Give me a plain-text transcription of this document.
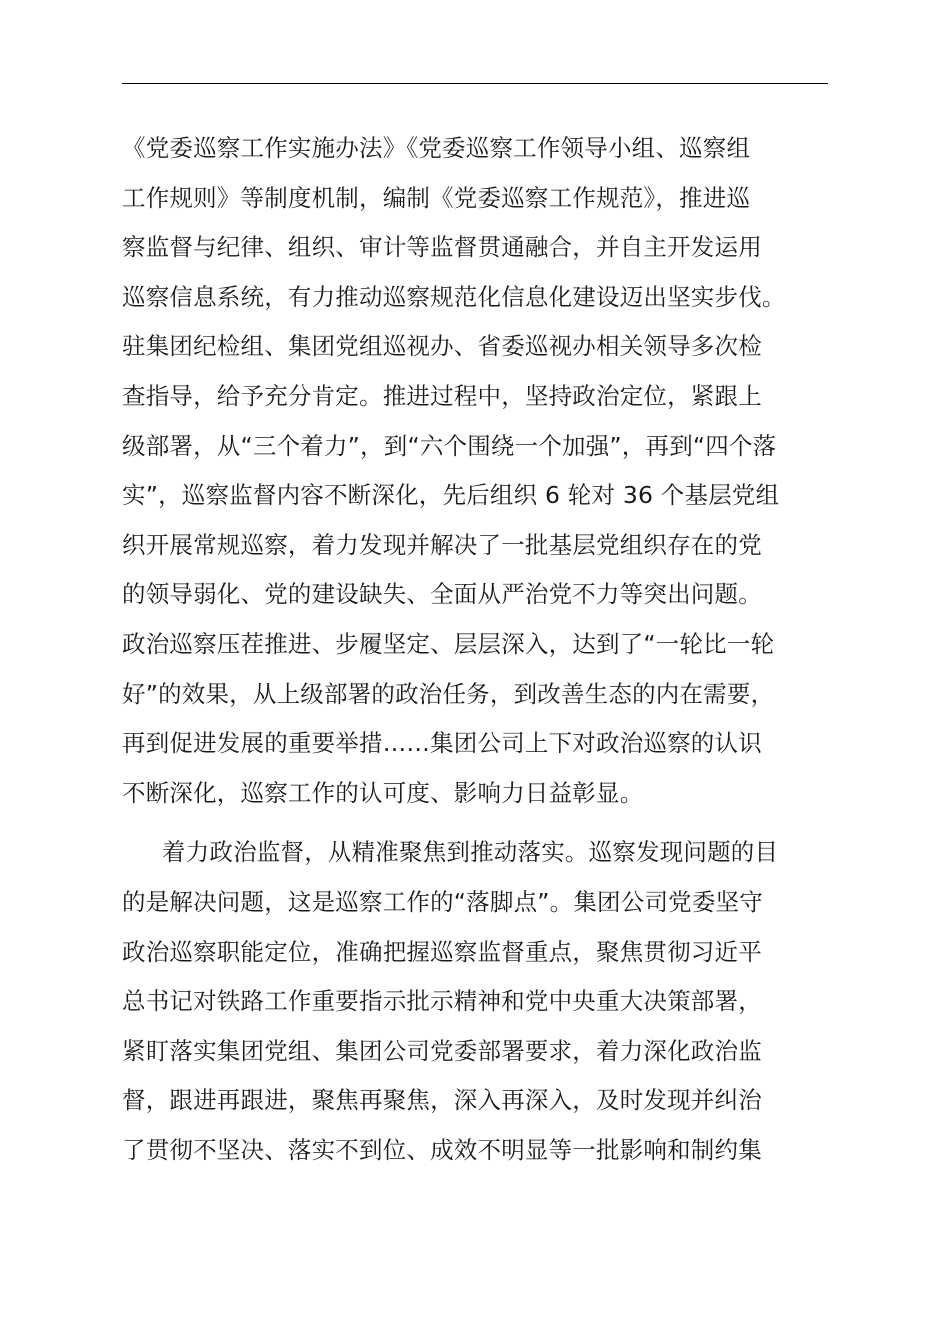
《党委巡察工作实施办法》《党委巡察工作领导小组、巡察组
工作规则》等制度机制，编制《党委巡察工作规范》，推进巡
察监督与纪律、组织、审计等监督贯通融合，并自主开发运用
巡察信息系统，有力推动巡察规范化信息化建设迈出坚实步伐。
驻集团纪检组、集团党组巡视办、省委巡视办相关领导多次检
查指导，给予充分肯定。推进过程中，坚持政治定位，紧跟上
级部署，从“三个着力”，到“六个围绕一个加强”，再到“四个落
实”，巡察监督内容不断深化，先后组织 6 轮对 36 个基层党组
织开展常规巡察，着力发现并解决了一批基层党组织存在的党
的领导弱化、党的建设缺失、全面从严治党不力等突出问题。
政治巡察压茬推进、步履坚定、层层深入，达到了“一轮比一轮
好”的效果，从上级部署的政治任务，到改善生态的内在需要，
再到促进发展的重要举措……集团公司上下对政治巡察的认识
不断深化，巡察工作的认可度、影响力日益彰显。
着力政治监督，从精准聚焦到推动落实。巡察发现问题的目
的是解决问题，这是巡察工作的“落脚点”。集团公司党委坚守
政治巡察职能定位，准确把握巡察监督重点，聚焦贯彻习近平
总书记对铁路工作重要指示批示精神和党中央重大决策部署，
紧盯落实集团党组、集团公司党委部署要求，着力深化政治监
督，跟进再跟进，聚焦再聚焦，深入再深入，及时发现并纠治
了贯彻不坚决、落实不到位、成效不明显等一批影响和制约集
